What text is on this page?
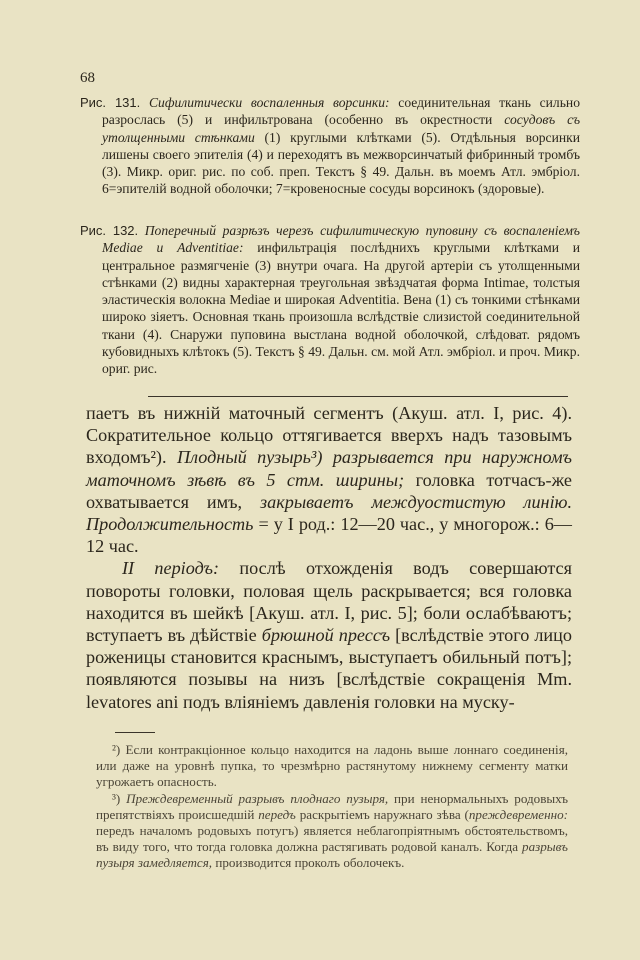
68

Рис. 131. Сифилитически воспаленныя ворсинки: соединительная ткань сильно разрослась (5) и инфильтрована (особенно въ окрестности сосудовъ съ утолщенными стѣнками (1) круглыми клѣтками (5). Отдѣльныя ворсинки лишены своего эпителія (4) и переходятъ въ межворсинчатый фибринный тромбъ (3). Микр. ориг. рис. по соб. преп. Текстъ § 49. Дальн. въ моемъ Атл. эмбріол. 6=эпителій водной оболочки; 7=кровеносные сосуды ворсинокъ (здоровые).

Рис. 132. Поперечный разрѣзъ черезъ сифилитическую пуповину съ воспаленіемъ Mediae и Adventitiae: инфильтрація послѣднихъ круглыми клѣтками и центральное размягченіе (3) внутри очага. На другой артеріи съ утолщенными стѣнками (2) видны характерная треугольная звѣздчатая форма Intimae, толстыя эластическія волокна Mediae и широкая Adventitia. Вена (1) съ тонкими стѣнками широко зіяетъ. Основная ткань произошла вслѣдствіе слизистой соединительной ткани (4). Снаружи пуповина выстлана водной оболочкой, слѣдоват. рядомъ кубовидныхъ клѣтокъ (5). Текстъ § 49. Дальн. см. мой Атл. эмбріол. и проч. Микр. ориг. рис.

паетъ въ нижній маточный сегментъ (Акуш. атл. I, рис. 4). Сократительное кольцо оттягивается вверхъ надъ тазовымъ входомъ²). Плодный пузырь³) разрывается при наружномъ маточномъ зѣвѣ въ 5 стм. ширины; головка тотчасъ-же охватывается имъ, закрываетъ междуостистую линію. Продолжительность = у I род.: 12—20 час., у многорож.: 6—12 час.

II періодъ: послѣ отхожденія водъ совершаются повороты головки, половая щель раскрывается; вся головка находится въ шейкѣ [Акуш. атл. I, рис. 5]; боли ослабѣваютъ; вступаетъ въ дѣйствіе брюшной прессъ [вслѣдствіе этого лицо роженицы становится краснымъ, выступаетъ обильный потъ]; появляются позывы на низъ [вслѣдствіе сокращенія Mm. levatores ani подъ вліяніемъ давленія головки на муску-

²) Если контракціонное кольцо находится на ладонь выше лоннаго соединенія, или даже на уровнѣ пупка, то чрезмѣрно растянутому нижнему сегменту матки угрожаетъ опасность.

³) Преждевременный разрывъ плоднаго пузыря, при ненормальныхъ родовыхъ препятствіяхъ происшедшій передъ раскрытіемъ наружнаго зѣва (преждевременно: передъ началомъ родовыхъ потугъ) является неблагопріятнымъ обстоятельствомъ, въ виду того, что тогда головка должна растягивать родовой каналъ. Когда разрывъ пузыря замедляется, производится проколъ оболочекъ.
